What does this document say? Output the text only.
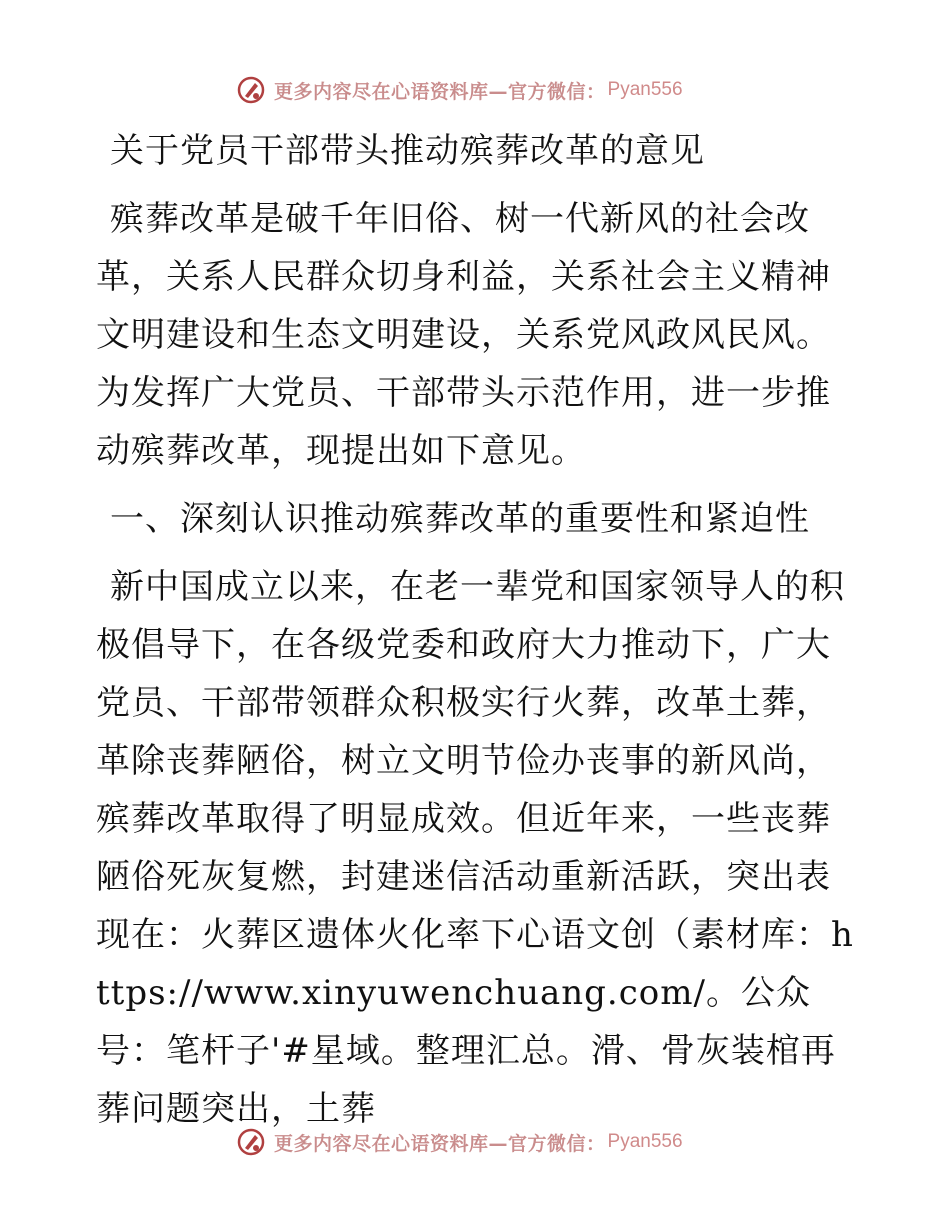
更多内容尽在心语资料库—官方微信： Pyan556
关于党员干部带头推动殡葬改革的意见

殡葬改革是破千年旧俗、树一代新风的社会改革，关系人民群众切身利益，关系社会主义精神文明建设和生态文明建设，关系党风政风民风。为发挥广大党员、干部带头示范作用，进一步推动殡葬改革，现提出如下意见。

一、深刻认识推动殡葬改革的重要性和紧迫性

新中国成立以来，在老一辈党和国家领导人的积极倡导下，在各级党委和政府大力推动下，广大党员、干部带领群众积极实行火葬，改革土葬，革除丧葬陋俗，树立文明节俭办丧事的新风尚，殡葬改革取得了明显成效。但近年来，一些丧葬陋俗死灰复燃，封建迷信活动重新活跃，突出表现在：火葬区遗体火化率下心语文创（素材库：https://www.xinyuwenchuang.com/。公众号：笔杆子'#星域。整理汇总。滑、骨灰装棺再葬问题突出，土葬

更多内容尽在心语资料库—官方微信： Pyan556
